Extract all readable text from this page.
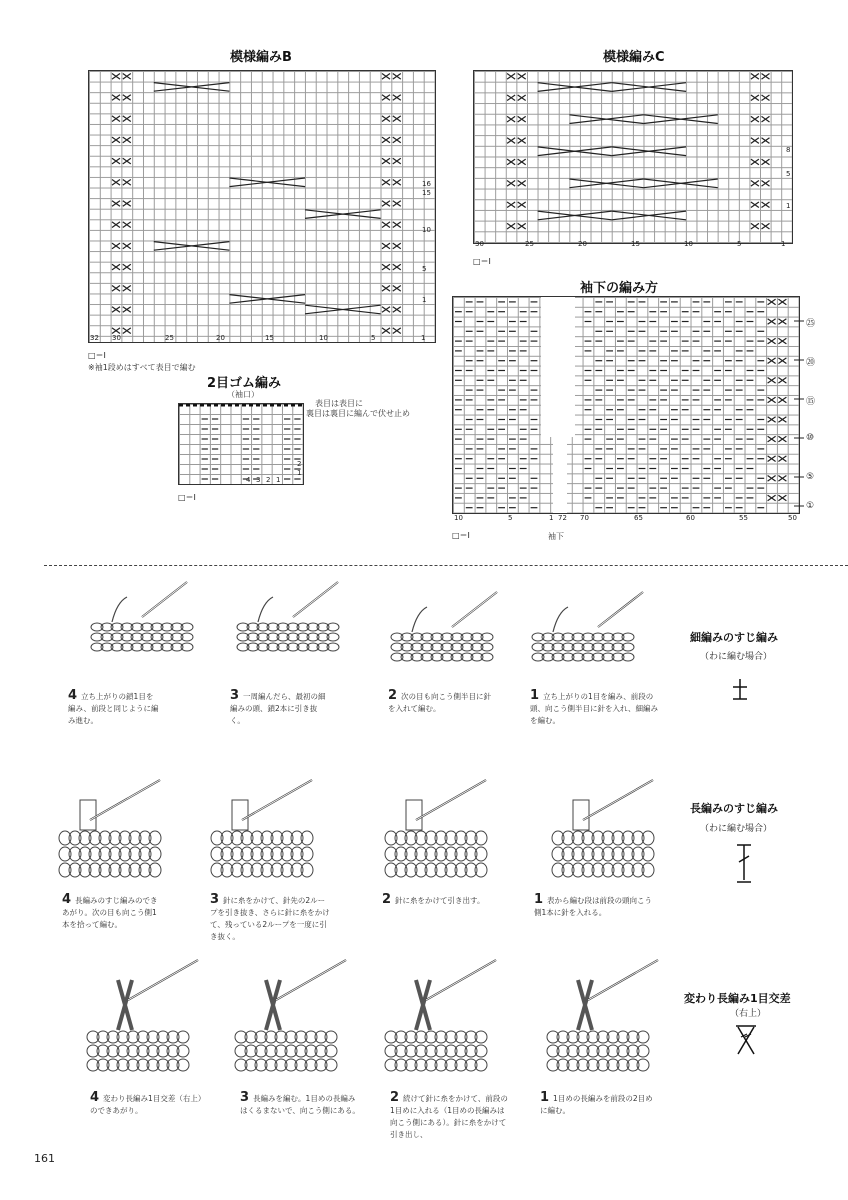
模様編みB
32 30	25	20	15	10	5	1
16
15
10
5
1
□＝Ⅰ
※袖1段めはすべて表目で編む
模様編みC
30	25	20	15	10	5	1
8
5
1
□＝Ⅰ
2目ゴム編み
（袖口）
表目は表目に
裏目は裏目に編んで伏せ止め
4 3 2 1
2
1
□＝Ⅰ
袖下の編み方
10	5	1 72 70	65	60	55	50
㉕
⑳
⑮
⑩
⑤
①
袖下
□＝Ⅰ
細編みのすじ編み
（わに編む場合）
長編みのすじ編み
（わに編む場合）
変わり長編み1目交差
（右上）
4 立ち上がりの鎖1目を編み、前段と同じように編み進む。
3 一周編んだら、最初の細編みの頭、鎖2本に引き抜く。
2 次の目も向こう側半目に針を入れて編む。
1 立ち上がりの1目を編み、前段の頭、向こう側半目に針を入れ、細編みを編む。
4 長編みのすじ編みのできあがり。次の目も向こう側1本を拾って編む。
3 針に糸をかけて、針先の2ループを引き抜き、さらに針に糸をかけて、残っている2ループを一度に引き抜く。
2 針に糸をかけて引き出す。	1 表から編む段は前段の頭向こう側1本に針を入れる。
4 変わり長編み1目交差（右上）のできあがり。
3 長編みを編む。1目めの長編みはくるまないで、向こう側にある。
2 続けて針に糸をかけて、前段の1目めに入れる（1目めの長編みは向こう側にある）。針に糸をかけて引き出し、
1 1目めの長編みを前段の2目めに編む。
161
